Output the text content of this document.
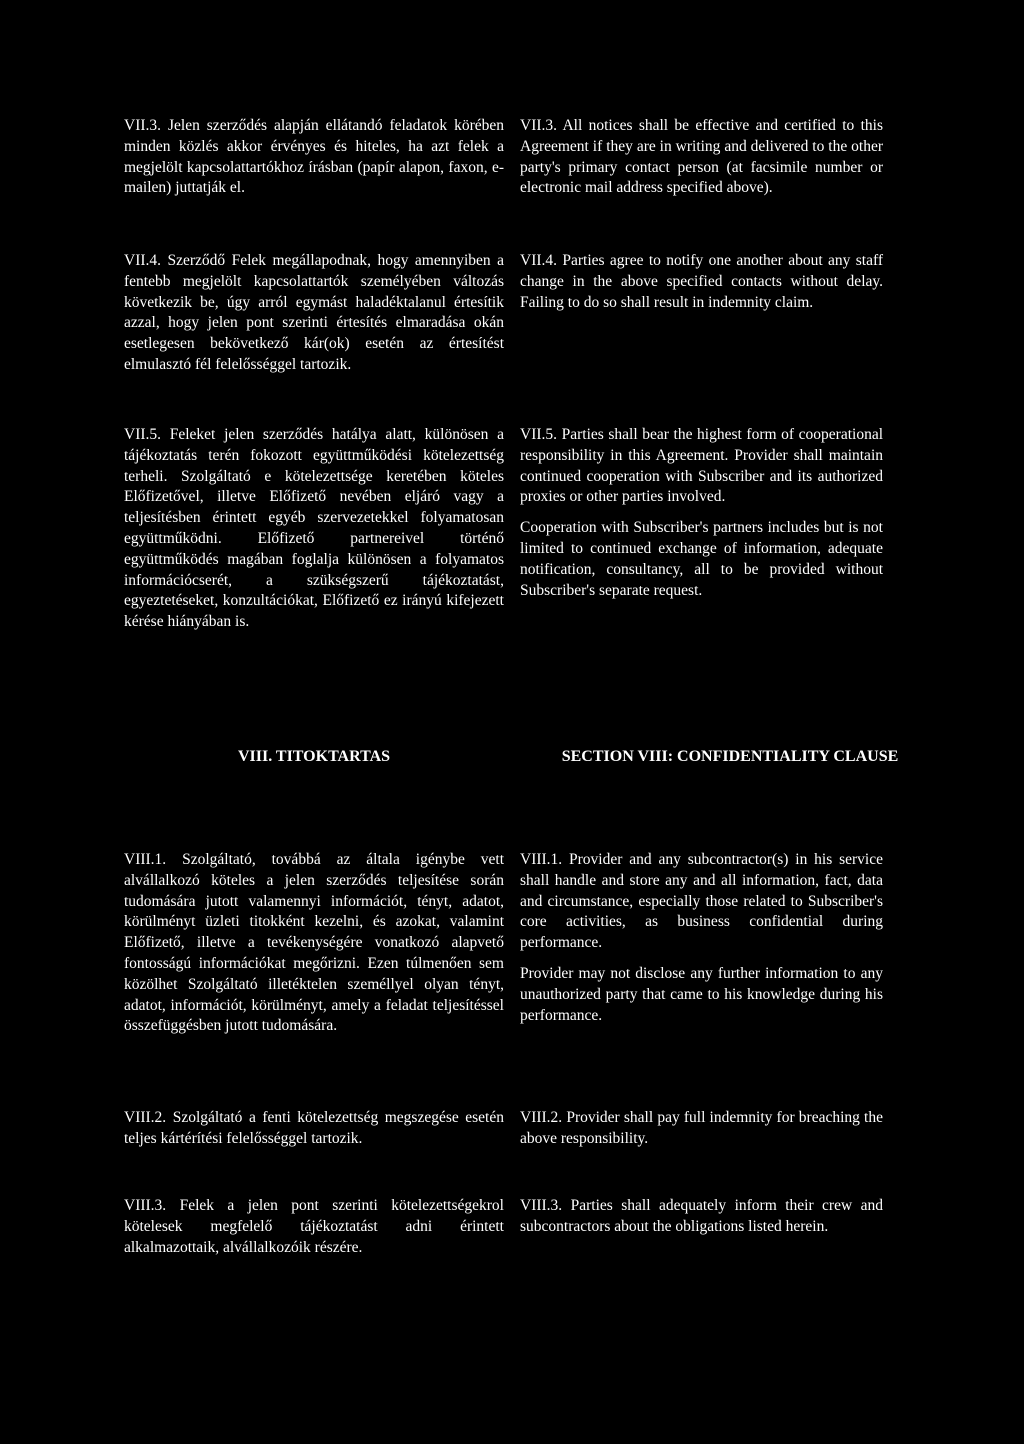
VII.3. Jelen szerződés alapján ellátandó feladatok körében minden közlés akkor érvényes és hiteles, ha azt felek a megjelölt kapcsolattartókhoz írásban (papír alapon, faxon, e-mailen) juttatják el.

VII.4. Szerződő Felek megállapodnak, hogy amennyiben a fentebb megjelölt kapcsolattartók személyében változás következik be, úgy arról egymást haladéktalanul értesítik azzal, hogy jelen pont szerinti értesítés elmaradása okán esetlegesen bekövetkező kár(ok) esetén az értesítést elmulasztó fél felelősséggel tartozik.

VII.5. Feleket jelen szerződés hatálya alatt, különösen a tájékoztatás terén fokozott együttműködési kötelezettség terheli. Szolgáltató e kötelezettsége keretében köteles Előfizetővel, illetve Előfizető nevében eljáró vagy a teljesítésben érintett egyéb szervezetekkel folyamatosan együttműködni. Előfizető partnereivel történő együttműködés magában foglalja különösen a folyamatos információcserét, a szükségszerű tájékoztatást, egyeztetéseket, konzultációkat, Előfizető ez irányú kifejezett kérése hiányában is.

VII.3. All notices shall be effective and certified to this Agreement if they are in writing and delivered to the other party's primary contact person (at facsimile number or electronic mail address specified above).

VII.4. Parties agree to notify one another about any staff change in the above specified contacts without delay. Failing to do so shall result in indemnity claim.

VII.5. Parties shall bear the highest form of cooperational responsibility in this Agreement. Provider shall maintain continued cooperation with Subscriber and its authorized proxies or other parties involved.

Cooperation with Subscriber's partners includes but is not limited to continued exchange of information, adequate notification, consultancy, all to be provided without Subscriber's separate request.

VIII. TITOKTARTAS	SECTION VIII: CONFIDENTIALITY CLAUSE

VIII.1. Szolgáltató, továbbá az általa igénybe vett alvállalkozó köteles a jelen szerződés teljesítése során tudomására jutott valamennyi információt, tényt, adatot, körülményt üzleti titokként kezelni, és azokat, valamint Előfizető, illetve a tevékenységére vonatkozó alapvető fontosságú információkat megőrizni. Ezen túlmenően sem közölhet Szolgáltató illetéktelen személlyel olyan tényt, adatot, információt, körülményt, amely a feladat teljesítéssel összefüggésben jutott tudomására.

VIII.2. Szolgáltató a fenti kötelezettség megszegése esetén teljes kártérítési felelősséggel tartozik.

VIII.3. Felek a jelen pont szerinti kötelezettségekrol kötelesek megfelelő tájékoztatást adni érintett alkalmazottaik, alvállalkozóik részére.

VIII.1. Provider and any subcontractor(s) in his service shall handle and store any and all information, fact, data and circumstance, especially those related to Subscriber's core activities, as business confidential during performance.

Provider may not disclose any further information to any unauthorized party that came to his knowledge during his performance.

VIII.2. Provider shall pay full indemnity for breaching the above responsibility.

VIII.3. Parties shall adequately inform their crew and subcontractors about the obligations listed herein.
